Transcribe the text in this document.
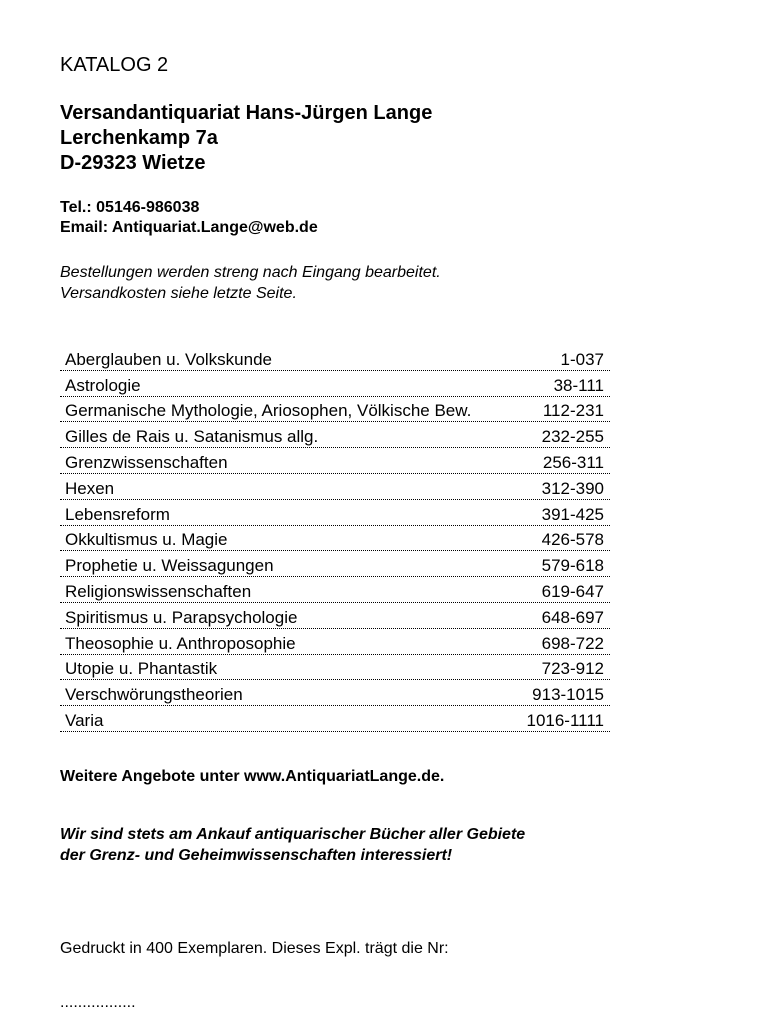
KATALOG 2
Versandantiquariat Hans-Jürgen Lange
Lerchenkamp 7a
D-29323 Wietze
Tel.: 05146-986038
Email: Antiquariat.Lange@web.de
Bestellungen werden streng nach Eingang bearbeitet.
Versandkosten siehe letzte Seite.
Aberglauben u. Volkskunde	1-037
Astrologie	38-111
Germanische Mythologie, Ariosophen, Völkische Bew.	112-231
Gilles de Rais u. Satanismus allg.	232-255
Grenzwissenschaften	256-311
Hexen	312-390
Lebensreform	391-425
Okkultismus u. Magie	426-578
Prophetie u. Weissagungen	579-618
Religionswissenschaften	619-647
Spiritismus u. Parapsychologie	648-697
Theosophie u. Anthroposophie	698-722
Utopie u. Phantastik	723-912
Verschwörungstheorien	913-1015
Varia	1016-1111
Weitere Angebote unter www.AntiquariatLange.de.
Wir sind stets am Ankauf antiquarischer Bücher aller Gebiete
der Grenz- und Geheimwissenschaften interessiert!
Gedruckt in 400 Exemplaren. Dieses Expl. trägt die Nr:
.................
